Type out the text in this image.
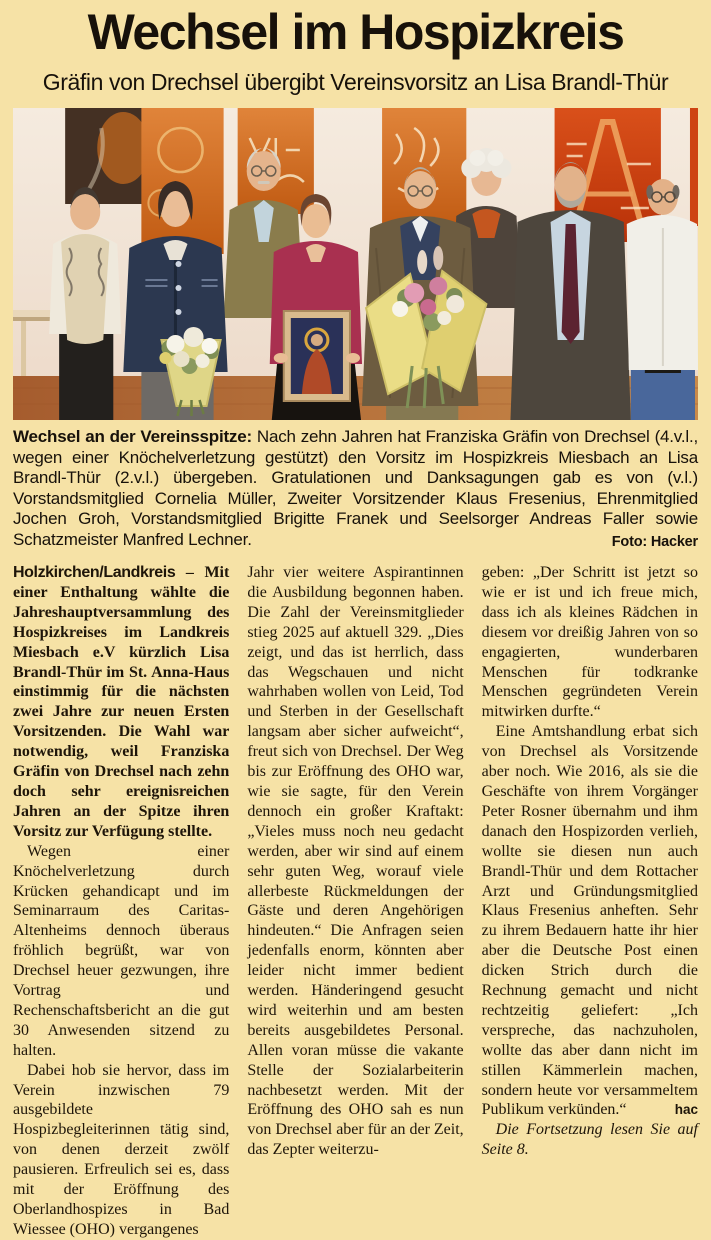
Wechsel im Hospizkreis
Gräfin von Drechsel übergibt Vereinsvorsitz an Lisa Brandl-Thür

Wechsel an der Vereinsspitze: Nach zehn Jahren hat Franziska Gräfin von Drechsel (4.v.l., wegen einer Knöchelverletzung gestützt) den Vorsitz im Hospizkreis Miesbach an Lisa Brandl-Thür (2.v.l.) übergeben. Gratulationen und Danksagungen gab es von (v.l.) Vorstandsmitglied Cornelia Müller, Zweiter Vorsitzender Klaus Fresenius, Ehrenmitglied Jochen Groh, Vorstandsmitglied Brigitte Franek und Seelsorger Andreas Faller sowie Schatzmeister Manfred Lechner.	Foto: Hacker

Holzkirchen/Landkreis – Mit einer Enthaltung wählte die Jahreshauptversammlung des Hospizkreises im Landkreis Miesbach e.V kürzlich Lisa Brandl-Thür im St. Anna-Haus einstimmig für die nächsten zwei Jahre zur neuen Ersten Vorsitzenden. Die Wahl war notwendig, weil Franziska Gräfin von Drechsel nach zehn doch sehr ereignisreichen Jahren an der Spitze ihren Vorsitz zur Verfügung stellte.

Wegen einer Knöchelverletzung durch Krücken gehandicapt und im Seminarraum des Caritas-Altenheims dennoch überaus fröhlich begrüßt, war von Drechsel heuer gezwungen, ihre Vortrag und Rechenschaftsbericht an die gut 30 Anwesenden sitzend zu halten.

Dabei hob sie hervor, dass im Verein inzwischen 79 ausgebildete Hospizbegleiterinnen tätig sind, von denen derzeit zwölf pausieren. Erfreulich sei es, dass mit der Eröffnung des Oberlandhospizes in Bad Wiessee (OHO) vergangenes

Jahr vier weitere Aspirantinnen die Ausbildung begonnen haben. Die Zahl der Vereinsmitglieder stieg 2025 auf aktuell 329. „Dies zeigt, und das ist herrlich, dass das Wegschauen und nicht wahrhaben wollen von Leid, Tod und Sterben in der Gesellschaft langsam aber sicher aufweicht“, freut sich von Drechsel. Der Weg bis zur Eröffnung des OHO war, wie sie sagte, für den Verein dennoch ein großer Kraftakt: „Vieles muss noch neu gedacht werden, aber wir sind auf einem sehr guten Weg, worauf viele allerbeste Rückmeldungen der Gäste und deren Angehörigen hindeuten.“ Die Anfragen seien jedenfalls enorm, könnten aber leider nicht immer bedient werden. Händeringend gesucht wird weiterhin und am besten bereits ausgebildetes Personal. Allen voran müsse die vakante Stelle der Sozialarbeiterin nachbesetzt werden. Mit der Eröffnung des OHO sah es nun von Drechsel aber für an der Zeit, das Zepter weiterzu-

geben: „Der Schritt ist jetzt so wie er ist und ich freue mich, dass ich als kleines Rädchen in diesem vor dreißig Jahren von so engagierten, wunderbaren Menschen für todkranke Menschen gegründeten Verein mitwirken durfte.“

Eine Amtshandlung erbat sich von Drechsel als Vorsitzende aber noch. Wie 2016, als sie die Geschäfte von ihrem Vorgänger Peter Rosner übernahm und ihm danach den Hospizorden verlieh, wollte sie diesen nun auch Brandl-Thür und dem Rottacher Arzt und Gründungsmitglied Klaus Fresenius anheften. Sehr zu ihrem Bedauern hatte ihr hier aber die Deutsche Post einen dicken Strich durch die Rechnung gemacht und nicht rechtzeitig geliefert: „Ich verspreche, das nachzuholen, wollte das aber dann nicht im stillen Kämmerlein machen, sondern heute vor versammeltem Publikum verkünden.“	hac

Die Fortsetzung lesen Sie auf Seite 8.
